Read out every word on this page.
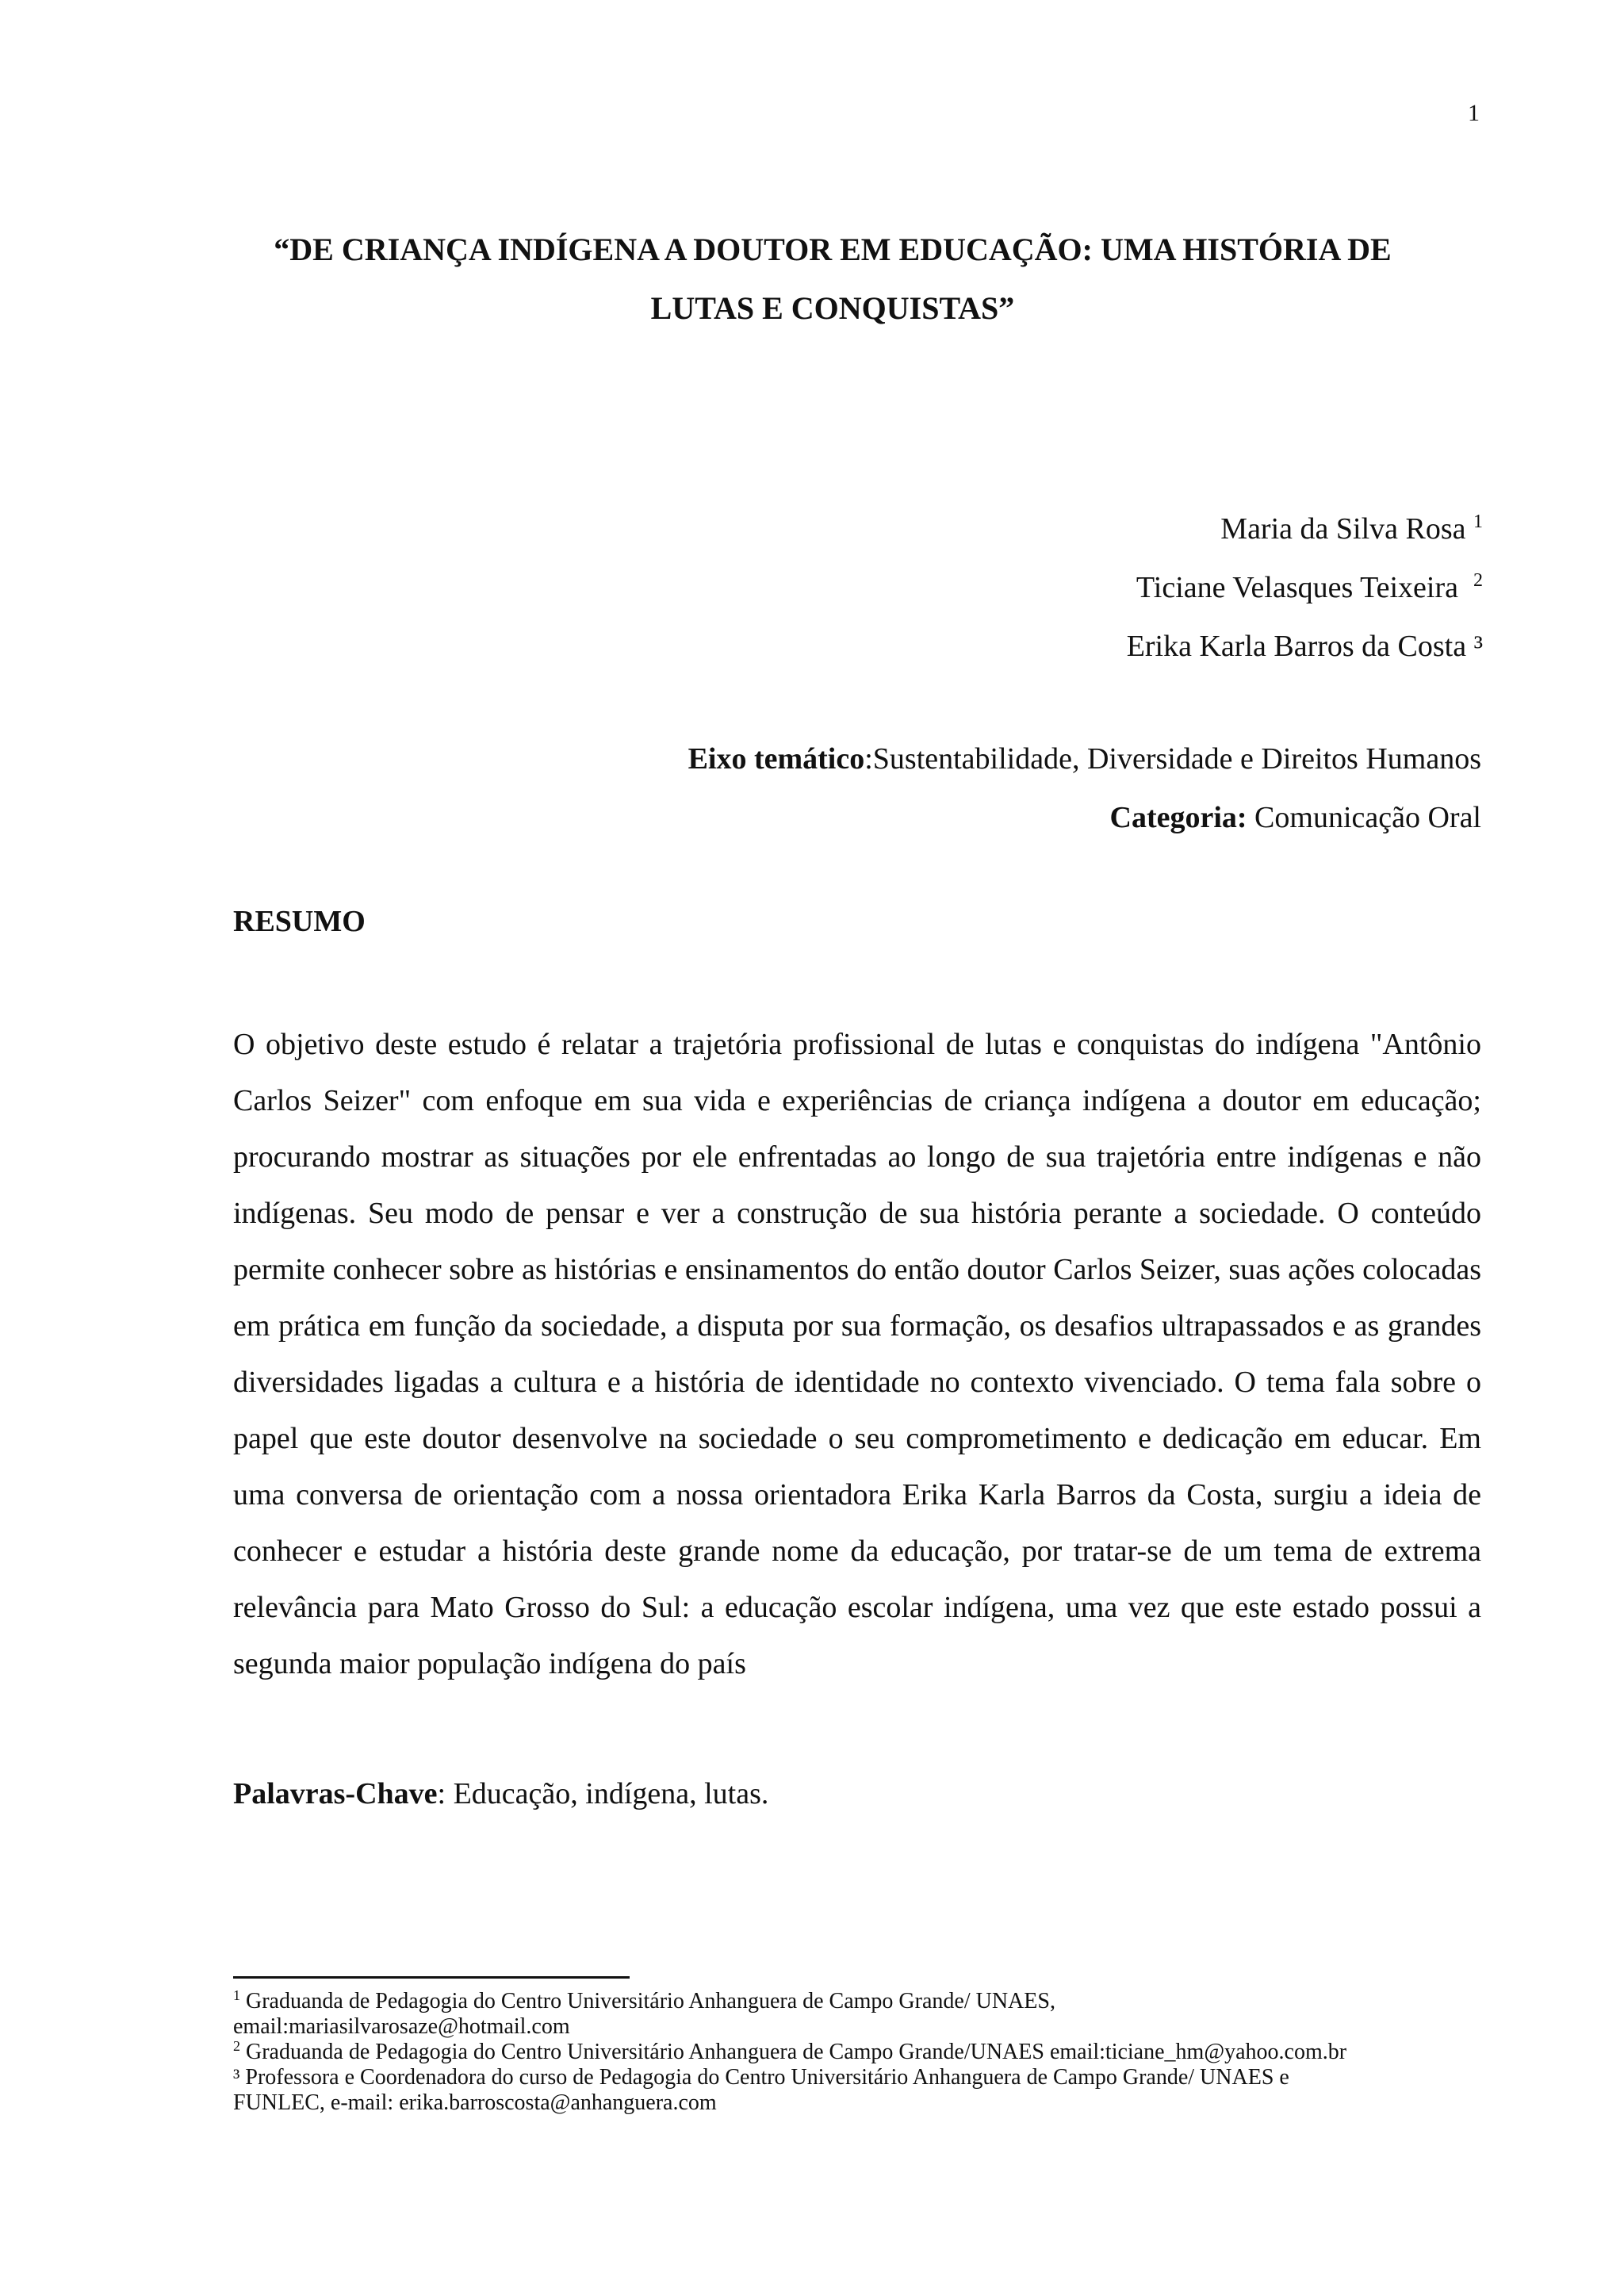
1
“DE CRIANÇA INDÍGENA A DOUTOR EM EDUCAÇÃO: UMA HISTÓRIA DE
LUTAS E CONQUISTAS”
Maria da Silva Rosa $^1$
Ticiane Velasques Teixeira $^2$
Erika Karla Barros da Costa ³
Eixo temático:Sustentabilidade, Diversidade e Direitos Humanos
Categoria: Comunicação Oral
RESUMO
O objetivo deste estudo é relatar a trajetória profissional de lutas e conquistas do indígena "Antônio Carlos Seizer" com enfoque em sua vida e experiências de criança indígena a doutor em educação; procurando mostrar as situações por ele enfrentadas ao longo de sua trajetória entre indígenas e não indígenas. Seu modo de pensar e ver a construção de sua história perante a sociedade. O conteúdo permite conhecer sobre as histórias e ensinamentos do então doutor Carlos Seizer, suas ações colocadas em prática em função da sociedade, a disputa por sua formação, os desafios ultrapassados e as grandes diversidades ligadas a cultura e a história de identidade no contexto vivenciado. O tema fala sobre o papel que este doutor desenvolve na sociedade o seu comprometimento e dedicação em educar. Em uma conversa de orientação com a nossa orientadora Erika Karla Barros da Costa, surgiu a ideia de conhecer e estudar a história deste grande nome da educação, por tratar-se de um tema de extrema relevância para Mato Grosso do Sul: a educação escolar indígena, uma vez que este estado possui a segunda maior população indígena do país
Palavras-Chave: Educação, indígena, lutas.

$^1$ Graduanda de Pedagogia do Centro Universitário Anhanguera de Campo Grande/ UNAES,

email:mariasilvarosaze@hotmail.com

$^2$ Graduanda de Pedagogia do Centro Universitário Anhanguera de Campo Grande/UNAES email:ticiane_hm@yahoo.com.br

³ Professora e Coordenadora do curso de Pedagogia do Centro Universitário Anhanguera de Campo Grande/ UNAES e

FUNLEC, e-mail: erika.barroscosta@anhanguera.com
